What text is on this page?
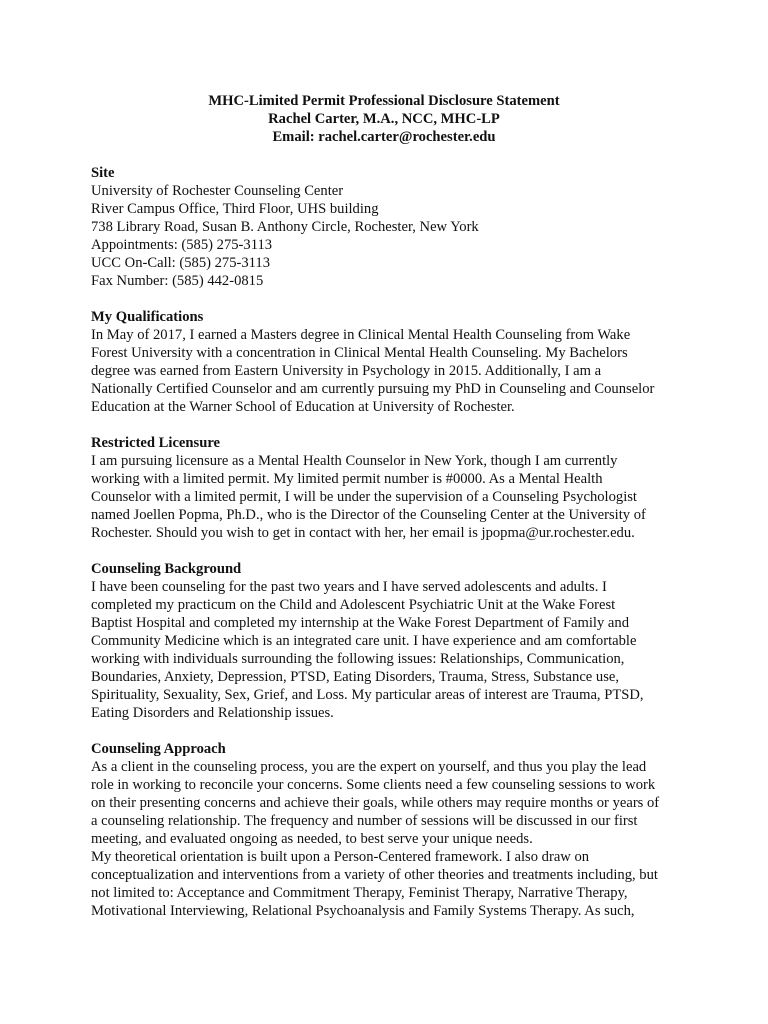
MHC-Limited Permit Professional Disclosure Statement
Rachel Carter, M.A., NCC, MHC-LP
Email: rachel.carter@rochester.edu
Site
University of Rochester Counseling Center
River Campus Office, Third Floor, UHS building
738 Library Road, Susan B. Anthony Circle, Rochester, New York
Appointments: (585) 275-3113
UCC On-Call: (585) 275-3113
Fax Number: (585) 442-0815
My Qualifications
In May of 2017, I earned a Masters degree in Clinical Mental Health Counseling from Wake
Forest University with a concentration in Clinical Mental Health Counseling. My Bachelors
degree was earned from Eastern University in Psychology in 2015. Additionally, I am a
Nationally Certified Counselor and am currently pursuing my PhD in Counseling and Counselor
Education at the Warner School of Education at University of Rochester.
Restricted Licensure
I am pursuing licensure as a Mental Health Counselor in New York, though I am currently
working with a limited permit. My limited permit number is #0000. As a Mental Health
Counselor with a limited permit, I will be under the supervision of a Counseling Psychologist
named Joellen Popma, Ph.D., who is the Director of the Counseling Center at the University of
Rochester. Should you wish to get in contact with her, her email is jpopma@ur.rochester.edu.
Counseling Background
I have been counseling for the past two years and I have served adolescents and adults. I
completed my practicum on the Child and Adolescent Psychiatric Unit at the Wake Forest
Baptist Hospital and completed my internship at the Wake Forest Department of Family and
Community Medicine which is an integrated care unit. I have experience and am comfortable
working with individuals surrounding the following issues: Relationships, Communication,
Boundaries, Anxiety, Depression, PTSD, Eating Disorders, Trauma, Stress, Substance use,
Spirituality, Sexuality, Sex, Grief, and Loss. My particular areas of interest are Trauma, PTSD,
Eating Disorders and Relationship issues.
Counseling Approach
As a client in the counseling process, you are the expert on yourself, and thus you play the lead
role in working to reconcile your concerns. Some clients need a few counseling sessions to work
on their presenting concerns and achieve their goals, while others may require months or years of
a counseling relationship. The frequency and number of sessions will be discussed in our first
meeting, and evaluated ongoing as needed, to best serve your unique needs.
My theoretical orientation is built upon a Person-Centered framework. I also draw on
conceptualization and interventions from a variety of other theories and treatments including, but
not limited to: Acceptance and Commitment Therapy, Feminist Therapy, Narrative Therapy,
Motivational Interviewing, Relational Psychoanalysis and Family Systems Therapy. As such,
